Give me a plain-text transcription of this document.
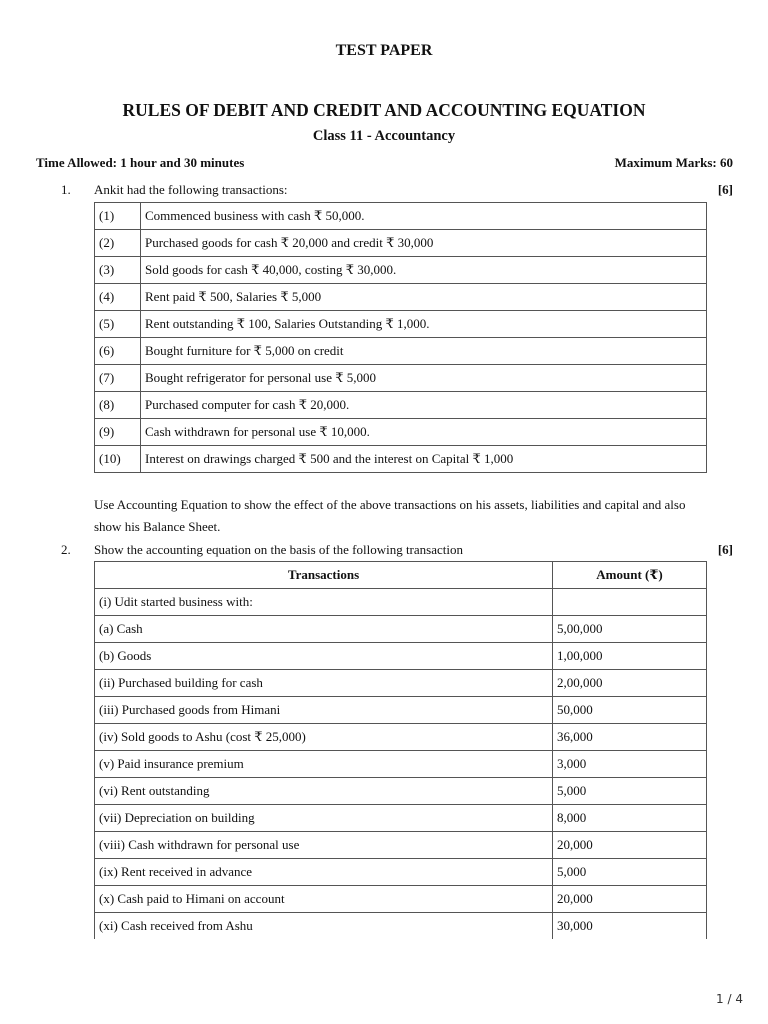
TEST PAPER
RULES OF DEBIT AND CREDIT AND ACCOUNTING EQUATION
Class 11 - Accountancy
Time Allowed: 1 hour and 30 minutes	Maximum Marks: 60
1. Ankit had the following transactions:	[6]
(1)	Commenced business with cash ₹ 50,000.
(2)	Purchased goods for cash ₹ 20,000 and credit ₹ 30,000
(3)	Sold goods for cash ₹ 40,000, costing ₹ 30,000.
(4)	Rent paid ₹ 500, Salaries ₹ 5,000
(5)	Rent outstanding ₹ 100, Salaries Outstanding ₹ 1,000.
(6)	Bought furniture for ₹ 5,000 on credit
(7)	Bought refrigerator for personal use ₹ 5,000
(8)	Purchased computer for cash ₹ 20,000.
(9)	Cash withdrawn for personal use ₹ 10,000.
(10)	Interest on drawings charged ₹ 500 and the interest on Capital ₹ 1,000
Use Accounting Equation to show the effect of the above transactions on his assets, liabilities and capital and also show his Balance Sheet.
2. Show the accounting equation on the basis of the following transaction	[6]
Transactions	Amount (₹)
(i) Udit started business with:	
(a) Cash	5,00,000
(b) Goods	1,00,000
(ii) Purchased building for cash	2,00,000
(iii) Purchased goods from Himani	50,000
(iv) Sold goods to Ashu (cost ₹ 25,000)	36,000
(v) Paid insurance premium	3,000
(vi) Rent outstanding	5,000
(vii) Depreciation on building	8,000
(viii) Cash withdrawn for personal use	20,000
(ix) Rent received in advance	5,000
(x) Cash paid to Himani on account	20,000
(xi) Cash received from Ashu	30,000
1 / 4
